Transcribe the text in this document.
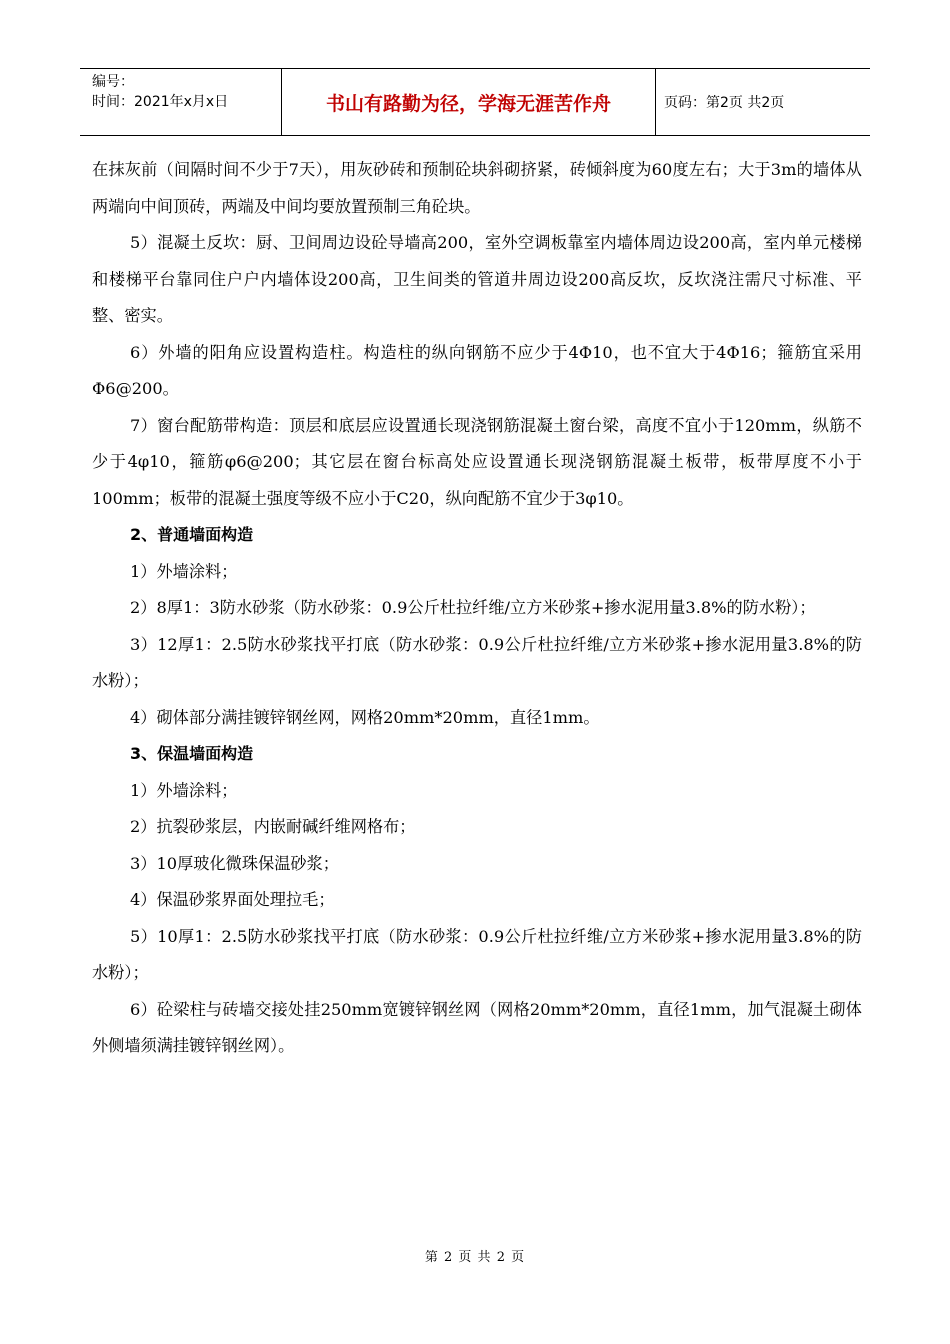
编号：
时间：2021年x月x日	书山有路勤为径，学海无涯苦作舟	页码：第2页 共2页

在抹灰前（间隔时间不少于7天），用灰砂砖和预制砼块斜砌挤紧，砖倾斜度为60度左右；大于3m的墙体从两端向中间顶砖，两端及中间均要放置预制三角砼块。

5）混凝土反坎：厨、卫间周边设砼导墙高200，室外空调板靠室内墙体周边设200高，室内单元楼梯和楼梯平台靠同住户户内墙体设200高，卫生间类的管道井周边设200高反坎，反坎浇注需尺寸标准、平整、密实。

6）外墙的阳角应设置构造柱。构造柱的纵向钢筋不应少于4Φ10，也不宜大于4Φ16；箍筋宜采用Φ6@200。

7）窗台配筋带构造：顶层和底层应设置通长现浇钢筋混凝土窗台梁，高度不宜小于120mm，纵筋不少于4φ10，箍筋φ6@200；其它层在窗台标高处应设置通长现浇钢筋混凝土板带，板带厚度不小于100mm；板带的混凝土强度等级不应小于C20，纵向配筋不宜少于3φ10。

2、普通墙面构造

1）外墙涂料；

2）8厚1：3防水砂浆（防水砂浆：0.9公斤杜拉纤维/立方米砂浆+掺水泥用量3.8%的防水粉）；

3）12厚1：2.5防水砂浆找平打底（防水砂浆：0.9公斤杜拉纤维/立方米砂浆+掺水泥用量3.8%的防水粉）；

4）砌体部分满挂镀锌钢丝网，网格20mm*20mm，直径1mm。

3、保温墙面构造

1）外墙涂料；

2）抗裂砂浆层，内嵌耐碱纤维网格布；

3）10厚玻化微珠保温砂浆；

4）保温砂浆界面处理拉毛；

5）10厚1：2.5防水砂浆找平打底（防水砂浆：0.9公斤杜拉纤维/立方米砂浆+掺水泥用量3.8%的防水粉）；

6）砼梁柱与砖墙交接处挂250mm宽镀锌钢丝网（网格20mm*20mm，直径1mm，加气混凝土砌体外侧墙须满挂镀锌钢丝网）。

第 2 页 共 2 页
